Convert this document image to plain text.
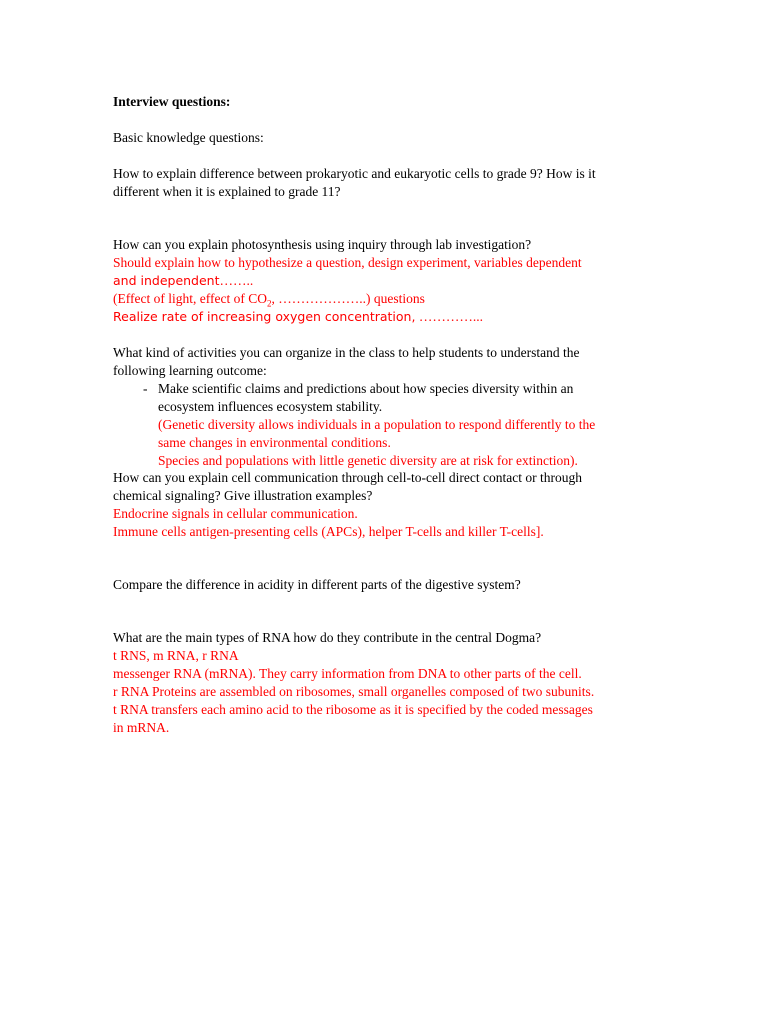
Interview questions:
Basic knowledge questions:
How to explain difference between prokaryotic and eukaryotic cells to grade 9? How is it
different when it is explained to grade 11?
How can you explain photosynthesis using inquiry through lab investigation?
Should explain how to hypothesize a question, design experiment, variables dependent
and independent……..
(Effect of light, effect of $CO_2$, ………………..) questions
Realize rate of increasing oxygen concentration, …………...
What kind of activities you can organize in the class to help students to understand the
following learning outcome:
- Make scientific claims and predictions about how species diversity within an
ecosystem influences ecosystem stability.
(Genetic diversity allows individuals in a population to respond differently to the
same changes in environmental conditions.
Species and populations with little genetic diversity are at risk for extinction).
How can you explain cell communication through cell-to-cell direct contact or through
chemical signaling? Give illustration examples?
Endocrine signals in cellular communication.
Immune cells antigen-presenting cells (APCs), helper T-cells and killer T-cells].
Compare the difference in acidity in different parts of the digestive system?
What are the main types of RNA how do they contribute in the central Dogma?
t RNS, m RNA, r RNA
messenger RNA (mRNA). They carry information from DNA to other parts of the cell.
r RNA Proteins are assembled on ribosomes, small organelles composed of two subunits.
t RNA transfers each amino acid to the ribosome as it is specified by the coded messages
in mRNA.
